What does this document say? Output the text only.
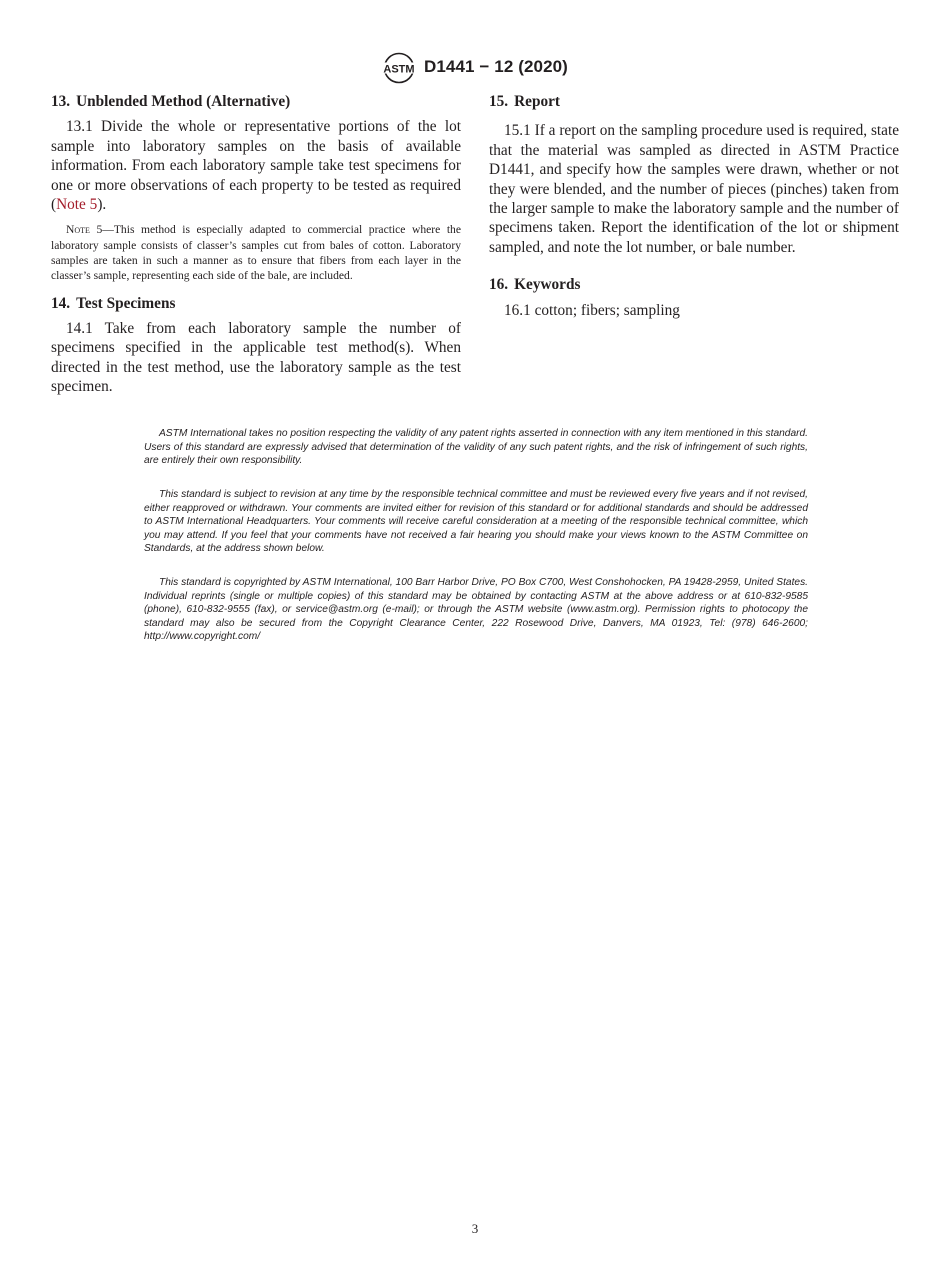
ASTM D1441 − 12 (2020)
13. Unblended Method (Alternative)

13.1 Divide the whole or representative portions of the lot sample into laboratory samples on the basis of available information. From each laboratory sample take test specimens for one or more observations of each property to be tested as required (Note 5).

Note 5—This method is especially adapted to commercial practice where the laboratory sample consists of classer’s samples cut from bales of cotton. Laboratory samples are taken in such a manner as to ensure that fibers from each layer in the classer’s sample, representing each side of the bale, are included.

14. Test Specimens

14.1 Take from each laboratory sample the number of specimens specified in the applicable test method(s). When directed in the test method, use the laboratory sample as the test specimen.

15. Report

15.1 If a report on the sampling procedure used is required, state that the material was sampled as directed in ASTM Practice D1441, and specify how the samples were drawn, whether or not they were blended, and the number of pieces (pinches) taken from the larger sample to make the laboratory sample and the number of specimens taken. Report the identification of the lot or shipment sampled, and note the lot number, or bale number.

16. Keywords

16.1 cotton; fibers; sampling

ASTM International takes no position respecting the validity of any patent rights asserted in connection with any item mentioned in this standard. Users of this standard are expressly advised that determination of the validity of any such patent rights, and the risk of infringement of such rights, are entirely their own responsibility.

This standard is subject to revision at any time by the responsible technical committee and must be reviewed every five years and if not revised, either reapproved or withdrawn. Your comments are invited either for revision of this standard or for additional standards and should be addressed to ASTM International Headquarters. Your comments will receive careful consideration at a meeting of the responsible technical committee, which you may attend. If you feel that your comments have not received a fair hearing you should make your views known to the ASTM Committee on Standards, at the address shown below.

This standard is copyrighted by ASTM International, 100 Barr Harbor Drive, PO Box C700, West Conshohocken, PA 19428-2959, United States. Individual reprints (single or multiple copies) of this standard may be obtained by contacting ASTM at the above address or at 610-832-9585 (phone), 610-832-9555 (fax), or service@astm.org (e-mail); or through the ASTM website (www.astm.org). Permission rights to photocopy the standard may also be secured from the Copyright Clearance Center, 222 Rosewood Drive, Danvers, MA 01923, Tel: (978) 646-2600; http://www.copyright.com/

3
